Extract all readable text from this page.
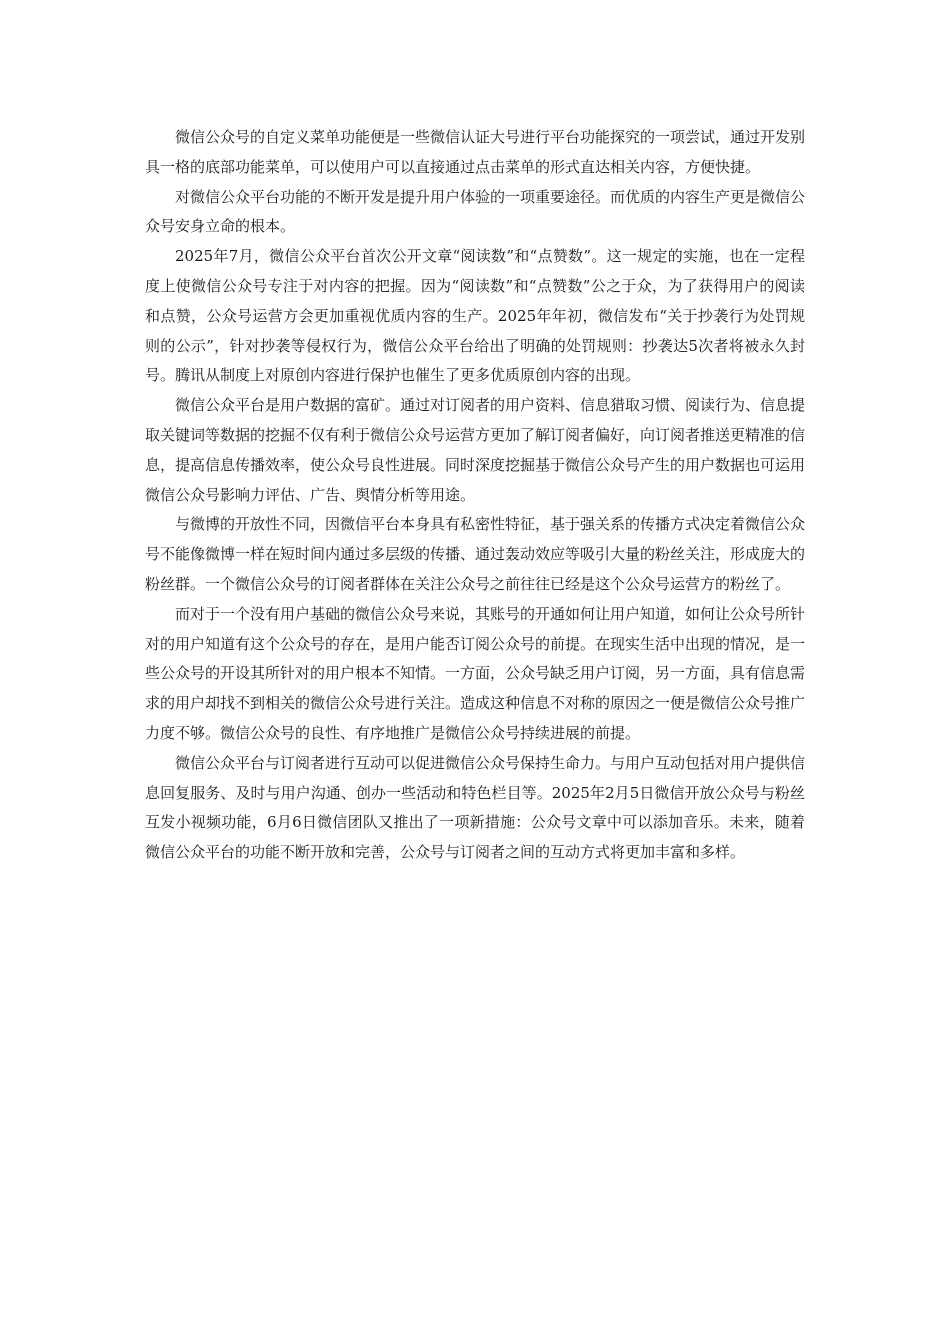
微信公众号的自定义菜单功能便是一些微信认证大号进行平台功能探究的一项尝试，通过开发别具一格的底部功能菜单，可以使用户可以直接通过点击菜单的形式直达相关内容，方便快捷。

对微信公众平台功能的不断开发是提升用户体验的一项重要途径。而优质的内容生产更是微信公众号安身立命的根本。

2025年7月，微信公众平台首次公开文章“阅读数”和“点赞数”。这一规定的实施，也在一定程度上使微信公众号专注于对内容的把握。因为“阅读数”和“点赞数”公之于众，为了获得用户的阅读和点赞，公众号运营方会更加重视优质内容的生产。2025年年初，微信发布“关于抄袭行为处罚规则的公示”，针对抄袭等侵权行为，微信公众平台给出了明确的处罚规则：抄袭达5次者将被永久封号。腾讯从制度上对原创内容进行保护也催生了更多优质原创内容的出现。

微信公众平台是用户数据的富矿。通过对订阅者的用户资料、信息猎取习惯、阅读行为、信息提取关键词等数据的挖掘不仅有利于微信公众号运营方更加了解订阅者偏好，向订阅者推送更精准的信息，提高信息传播效率，使公众号良性进展。同时深度挖掘基于微信公众号产生的用户数据也可运用微信公众号影响力评估、广告、舆情分析等用途。

与微博的开放性不同，因微信平台本身具有私密性特征，基于强关系的传播方式决定着微信公众号不能像微博一样在短时间内通过多层级的传播、通过轰动效应等吸引大量的粉丝关注，形成庞大的粉丝群。一个微信公众号的订阅者群体在关注公众号之前往往已经是这个公众号运营方的粉丝了。

而对于一个没有用户基础的微信公众号来说，其账号的开通如何让用户知道，如何让公众号所针对的用户知道有这个公众号的存在，是用户能否订阅公众号的前提。在现实生活中出现的情况，是一些公众号的开设其所针对的用户根本不知情。一方面，公众号缺乏用户订阅，另一方面，具有信息需求的用户却找不到相关的微信公众号进行关注。造成这种信息不对称的原因之一便是微信公众号推广力度不够。微信公众号的良性、有序地推广是微信公众号持续进展的前提。

微信公众平台与订阅者进行互动可以促进微信公众号保持生命力。与用户互动包括对用户提供信息回复服务、及时与用户沟通、创办一些活动和特色栏目等。2025年2月5日微信开放公众号与粉丝互发小视频功能，6月6日微信团队又推出了一项新措施：公众号文章中可以添加音乐。未来，随着微信公众平台的功能不断开放和完善，公众号与订阅者之间的互动方式将更加丰富和多样。
